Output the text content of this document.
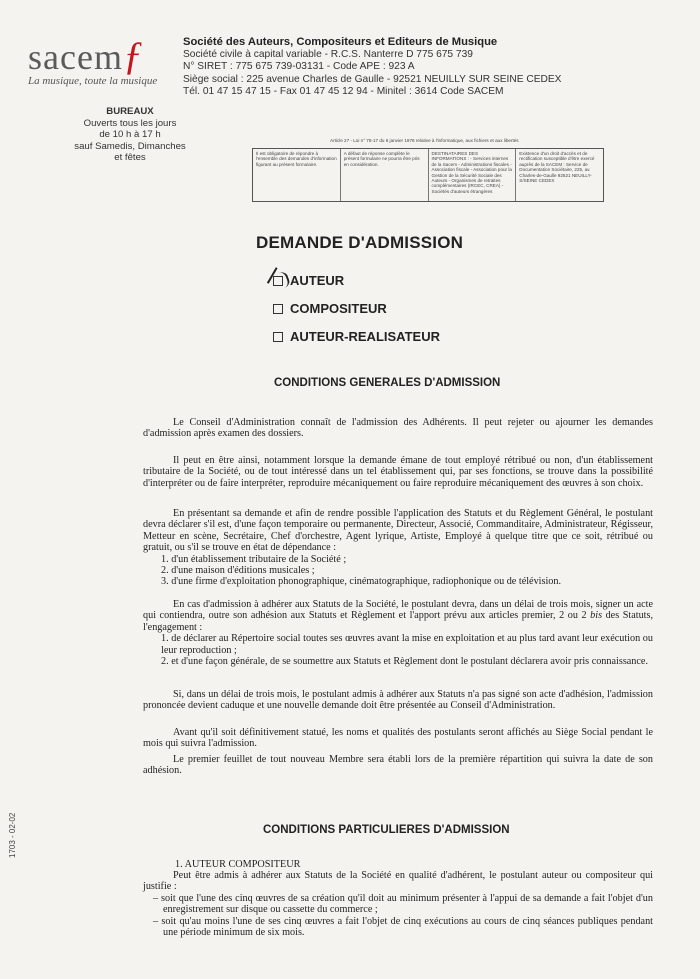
sacemƒ
La musique, toute la musique
Société des Auteurs, Compositeurs et Editeurs de Musique
Société civile à capital variable - R.C.S. Nanterre D 775 675 739
N° SIRET : 775 675 739-03131 - Code APE : 923 A
Siège social : 225 avenue Charles de Gaulle - 92521 NEUILLY SUR SEINE CEDEX
Tél. 01 47 15 47 15 - Fax 01 47 45 12 94 - Minitel : 3614 Code SACEM
BUREAUX
Ouverts tous les jours
de 10 h à 17 h
sauf Samedis, Dimanches et fêtes
Article 27 - Loi n° 78-17 du 6 janvier 1978 relative à l'informatique, aux fichiers et aux libertés
Il est obligatoire de répondre à l'ensemble des demandes d'information figurant au présent formulaire.
A défaut de réponse complète le présent formulaire ne pourra être pris en considération.
DESTINATAIRES DES INFORMATIONS : - Services internes de la Sacem - Administrations fiscales - Association fiscale - Association pour la Gestion de la Sécurité Sociale des Auteurs - Organismes de retraites complémentaires (IRCEC, CREA) - Sociétés d'auteurs étrangères
Existence d'un droit d'accès et de rectification susceptible d'être exercé auprès de la SACEM : Service de Documentation Sociétaire, 225, av. Charles-de-Gaulle 92521 NEUILLY-S/SEINE CEDEX
DEMANDE D'ADMISSION
AUTEUR
COMPOSITEUR
AUTEUR-REALISATEUR
CONDITIONS GENERALES D'ADMISSION
Le Conseil d'Administration connaît de l'admission des Adhérents. Il peut rejeter ou ajourner les demandes d'admission après examen des dossiers.
Il peut en être ainsi, notamment lorsque la demande émane de tout employé rétribué ou non, d'un établissement tributaire de la Société, ou de tout intéressé dans un tel établissement qui, par ses fonctions, se trouve dans la possibilité d'interpréter ou de faire interpréter, reproduire mécaniquement ou faire reproduire mécaniquement des œuvres à son choix.
En présentant sa demande et afin de rendre possible l'application des Statuts et du Règlement Général, le postulant devra déclarer s'il est, d'une façon temporaire ou permanente, Directeur, Associé, Commanditaire, Administrateur, Régisseur, Metteur en scène, Secrétaire, Chef d'orchestre, Agent lyrique, Artiste, Employé à quelque titre que ce soit, rétribué ou gratuit, ou s'il se trouve en état de dépendance :
1. d'un établissement tributaire de la Société ;
2. d'une maison d'éditions musicales ;
3. d'une firme d'exploitation phonographique, cinématographique, radiophonique ou de télévision.
En cas d'admission à adhérer aux Statuts de la Société, le postulant devra, dans un délai de trois mois, signer un acte qui contiendra, outre son adhésion aux Statuts et Règlement et l'apport prévu aux articles premier, 2 ou 2 bis des Statuts, l'engagement :
1. de déclarer au Répertoire social toutes ses œuvres avant la mise en exploitation et au plus tard avant leur exécution ou leur reproduction ;
2. et d'une façon générale, de se soumettre aux Statuts et Règlement dont le postulant déclarera avoir pris connaissance.
Si, dans un délai de trois mois, le postulant admis à adhérer aux Statuts n'a pas signé son acte d'adhésion, l'admission prononcée devient caduque et une nouvelle demande doit être présentée au Conseil d'Administration.
Avant qu'il soit définitivement statué, les noms et qualités des postulants seront affichés au Siège Social pendant le mois qui suivra l'admission.
Le premier feuillet de tout nouveau Membre sera établi lors de la première répartition qui suivra la date de son adhésion.
CONDITIONS PARTICULIERES D'ADMISSION
1. AUTEUR COMPOSITEUR
Peut être admis à adhérer aux Statuts de la Société en qualité d'adhérent, le postulant auteur ou compositeur qui justifie :
– soit que l'une des cinq œuvres de sa création qu'il doit au minimum présenter à l'appui de sa demande a fait l'objet d'un enregistrement sur disque ou cassette du commerce ;
– soit qu'au moins l'une de ses cinq œuvres a fait l'objet de cinq exécutions au cours de cinq séances publiques pendant une période minimum de six mois.
1703 - 02-02
